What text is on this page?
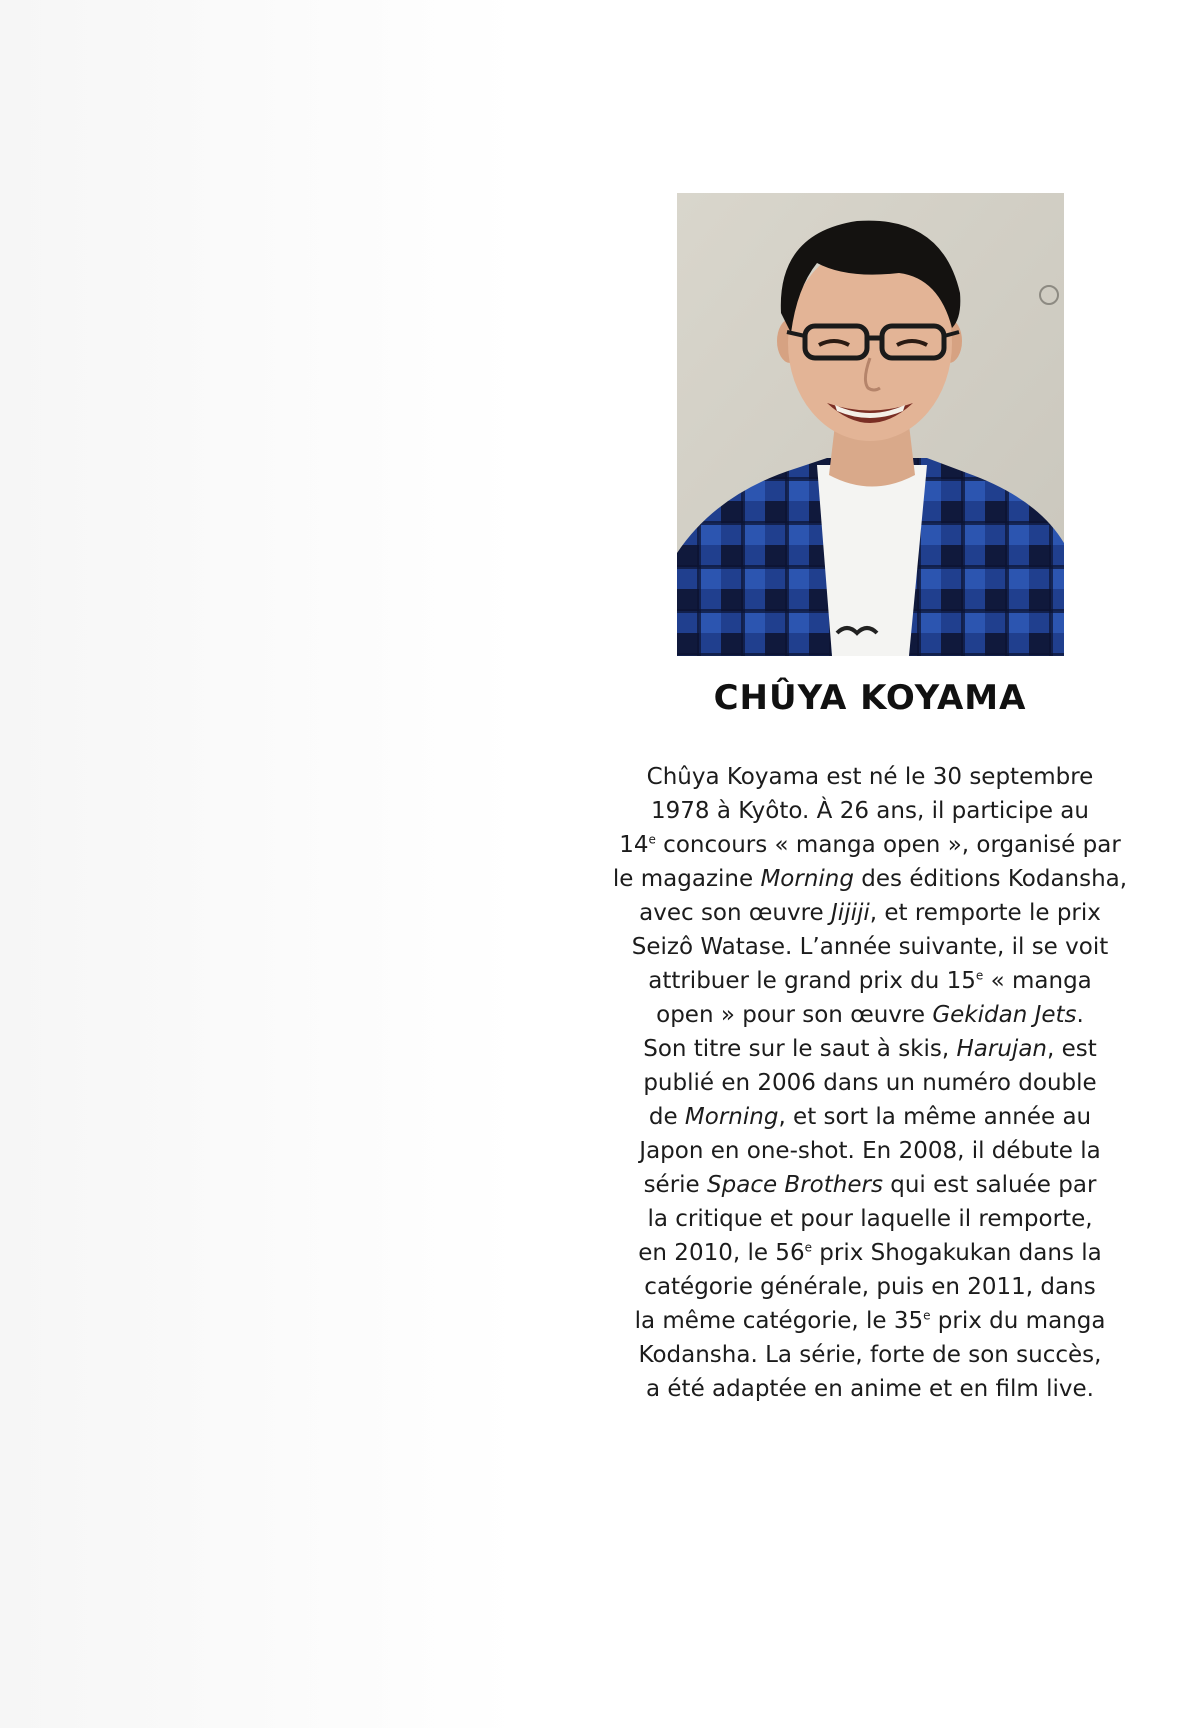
CHÛYA KOYAMA
Chûya Koyama est né le 30 septembre
1978 à Kyôto. À 26 ans, il participe au
14e concours « manga open », organisé par
le magazine Morning des éditions Kodansha,
avec son œuvre Jijiji, et remporte le prix
Seizô Watase. L’année suivante, il se voit
attribuer le grand prix du 15e « manga
open » pour son œuvre Gekidan Jets.
Son titre sur le saut à skis, Harujan, est
publié en 2006 dans un numéro double
de Morning, et sort la même année au
Japon en one-shot. En 2008, il débute la
série Space Brothers qui est saluée par
la critique et pour laquelle il remporte,
en 2010, le 56e prix Shogakukan dans la
catégorie générale, puis en 2011, dans
la même catégorie, le 35e prix du manga
Kodansha. La série, forte de son succès,
a été adaptée en anime et en film live.
